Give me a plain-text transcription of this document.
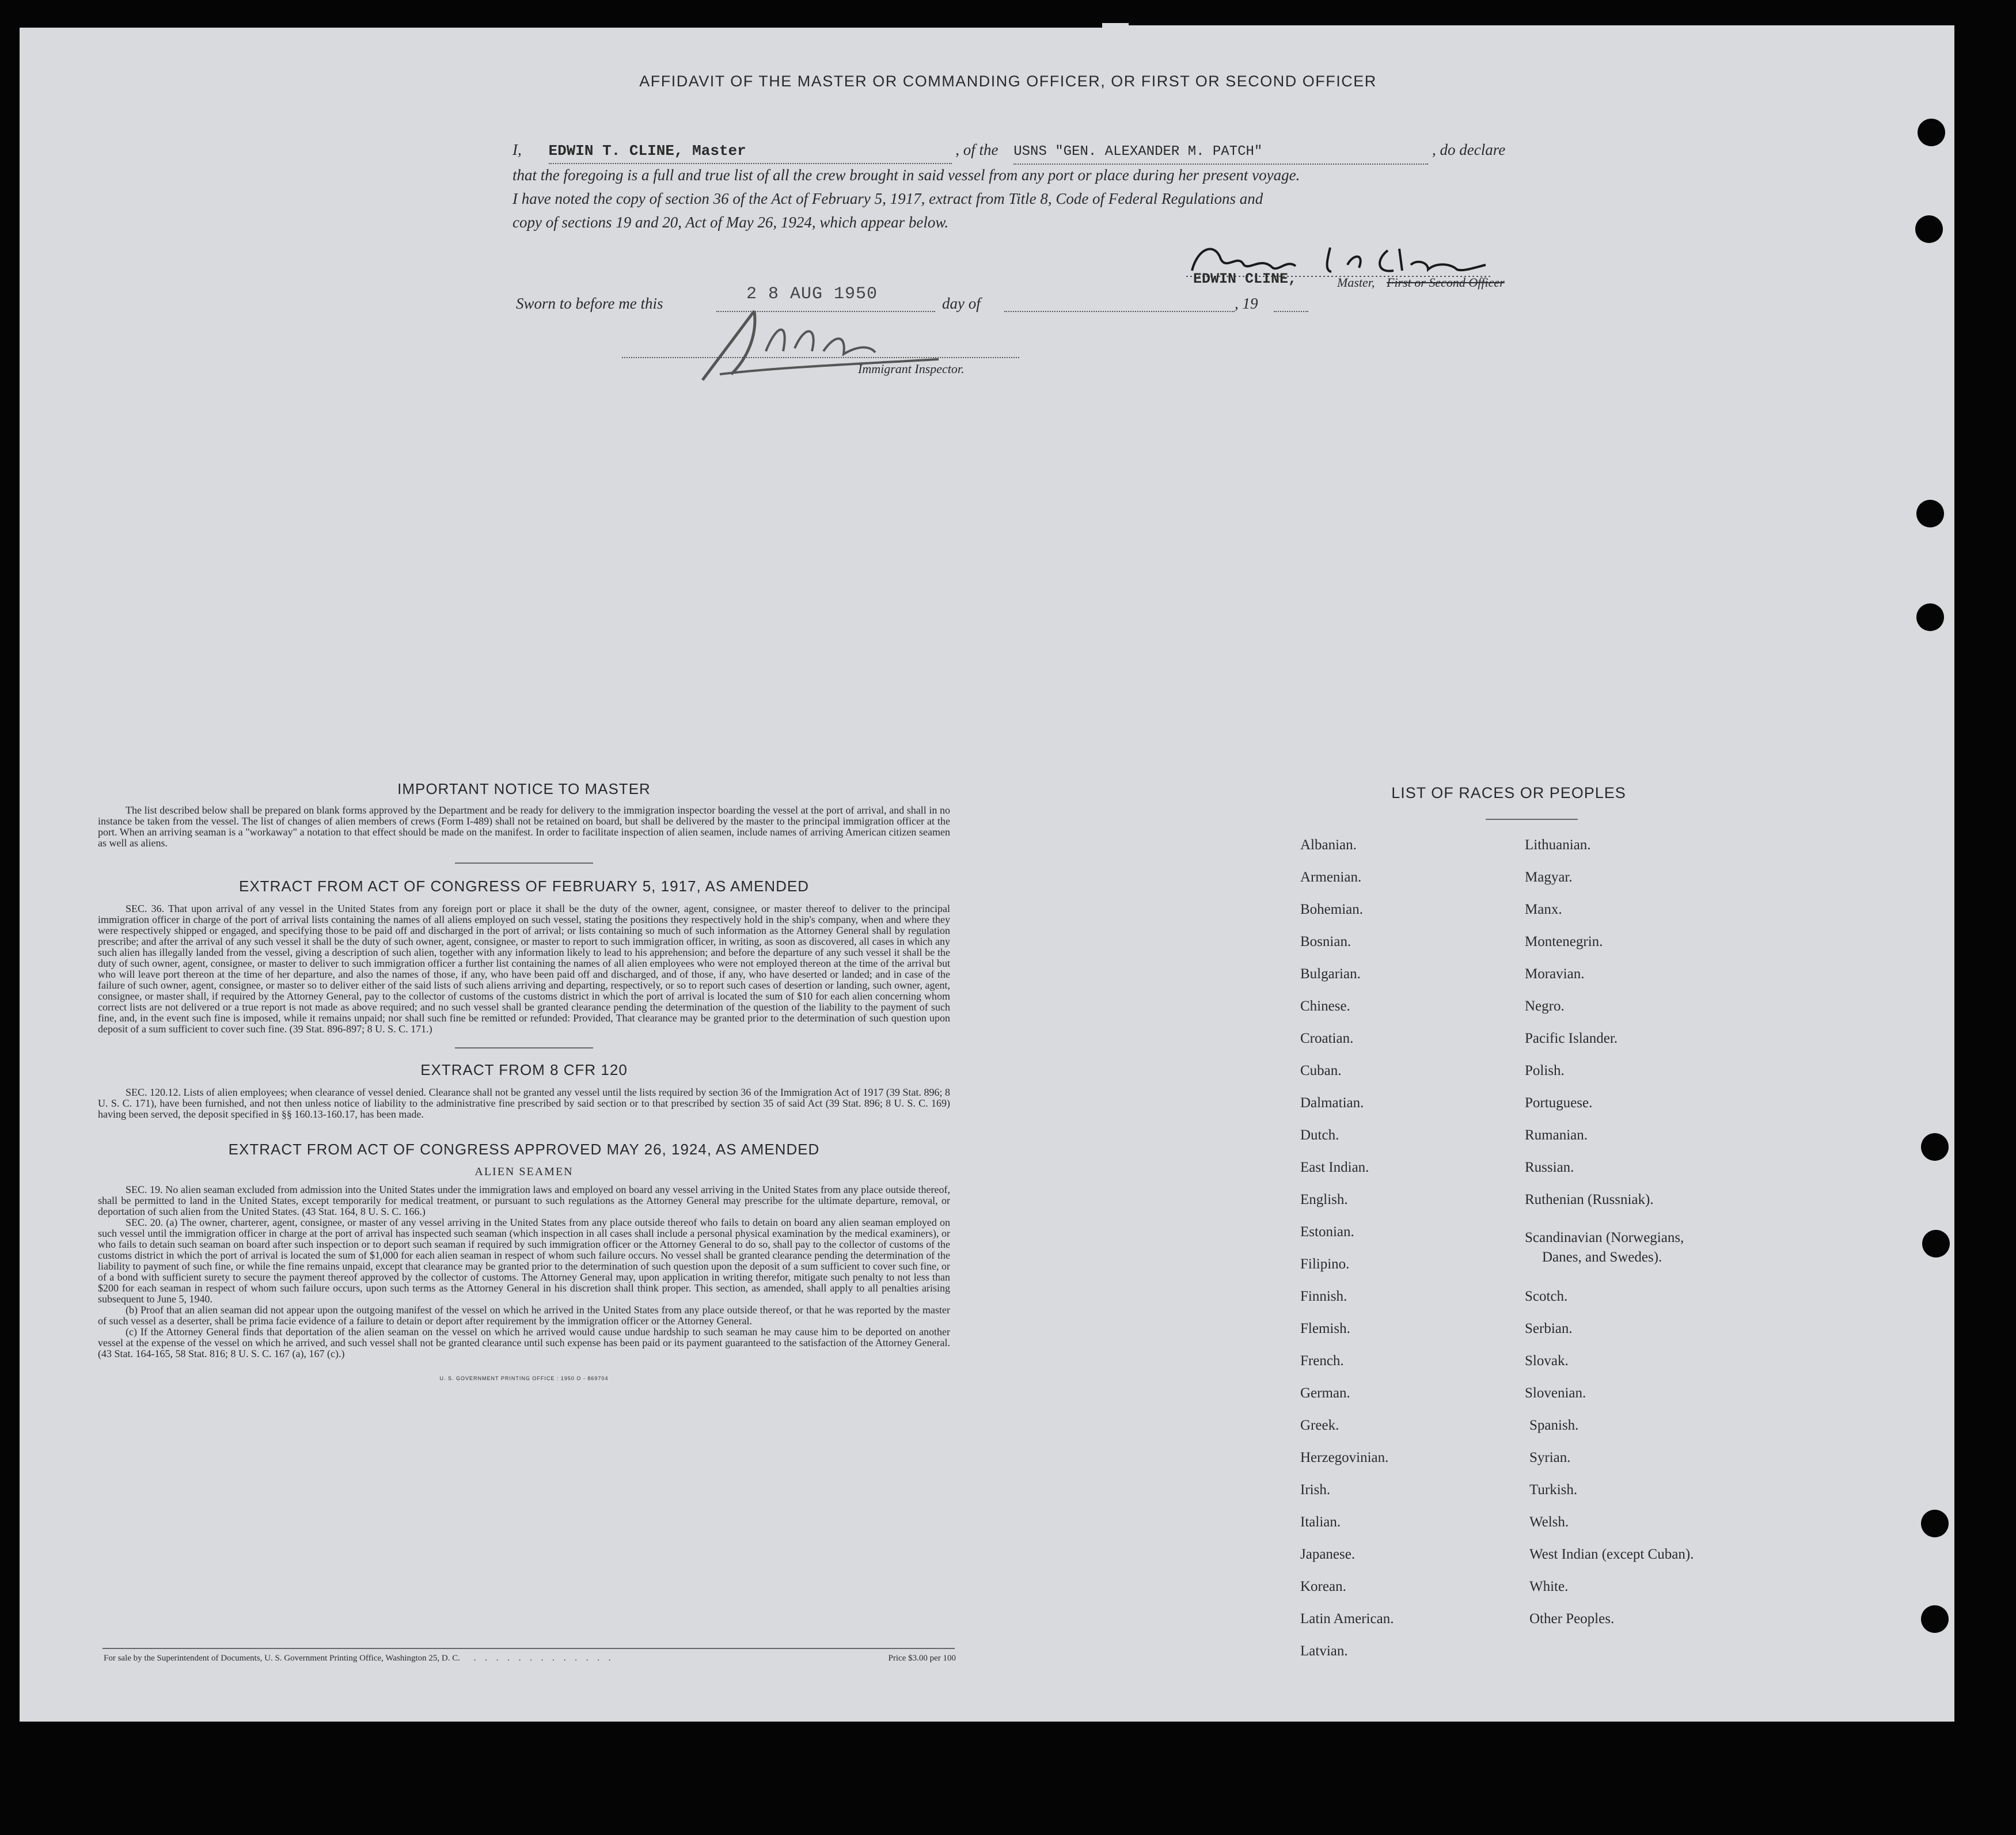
AFFIDAVIT OF THE MASTER OR COMMANDING OFFICER, OR FIRST OR SECOND OFFICER
I, EDWIN T. CLINE, Master	, of the USNS "GEN. ALEXANDER M. PATCH"	, do declare
that the foregoing is a full and true list of all the crew brought in said vessel from any port or place during her present voyage.
I have noted the copy of section 36 of the Act of February 5, 1917, extract from Title 8, Code of Federal Regulations and
copy of sections 19 and 20, Act of May 26, 1924, which appear below.
EDWIN CLINE,	Master, First or Second Officer
Sworn to before me this	2 8 AUG 1950	day of	, 19
Immigrant Inspector.
IMPORTANT NOTICE TO MASTER

The list described below shall be prepared on blank forms approved by the Department and be ready for delivery to the immigration inspector boarding the vessel at the port of arrival, and shall in no instance be taken from the vessel. The list of changes of alien members of crews (Form I-489) shall not be retained on board, but shall be delivered by the master to the principal immigration officer at the port. When an arriving seaman is a "workaway" a notation to that effect should be made on the manifest. In order to facilitate inspection of alien seamen, include names of arriving American citizen seamen as well as aliens.

EXTRACT FROM ACT OF CONGRESS OF FEBRUARY 5, 1917, AS AMENDED

SEC. 36. That upon arrival of any vessel in the United States from any foreign port or place it shall be the duty of the owner, agent, consignee, or master thereof to deliver to the principal immigration officer in charge of the port of arrival lists containing the names of all aliens employed on such vessel, stating the positions they respectively hold in the ship's company, when and where they were respectively shipped or engaged, and specifying those to be paid off and discharged in the port of arrival; or lists containing so much of such information as the Attorney General shall by regulation prescribe; and after the arrival of any such vessel it shall be the duty of such owner, agent, consignee, or master to report to such immigration officer, in writing, as soon as discovered, all cases in which any such alien has illegally landed from the vessel, giving a description of such alien, together with any information likely to lead to his apprehension; and before the departure of any such vessel it shall be the duty of such owner, agent, consignee, or master to deliver to such immigration officer a further list containing the names of all alien employees who were not employed thereon at the time of the arrival but who will leave port thereon at the time of her departure, and also the names of those, if any, who have been paid off and discharged, and of those, if any, who have deserted or landed; and in case of the failure of such owner, agent, consignee, or master so to deliver either of the said lists of such aliens arriving and departing, respectively, or so to report such cases of desertion or landing, such owner, agent, consignee, or master shall, if required by the Attorney General, pay to the collector of customs of the customs district in which the port of arrival is located the sum of $10 for each alien concerning whom correct lists are not delivered or a true report is not made as above required; and no such vessel shall be granted clearance pending the determination of the question of the liability to the payment of such fine, and, in the event such fine is imposed, while it remains unpaid; nor shall such fine be remitted or refunded: Provided, That clearance may be granted prior to the determination of such question upon deposit of a sum sufficient to cover such fine. (39 Stat. 896-897; 8 U. S. C. 171.)

EXTRACT FROM 8 CFR 120

SEC. 120.12. Lists of alien employees; when clearance of vessel denied. Clearance shall not be granted any vessel until the lists required by section 36 of the Immigration Act of 1917 (39 Stat. 896; 8 U. S. C. 171), have been furnished, and not then unless notice of liability to the administrative fine prescribed by said section or to that prescribed by section 35 of said Act (39 Stat. 896; 8 U. S. C. 169) having been served, the deposit specified in §§ 160.13-160.17, has been made.

EXTRACT FROM ACT OF CONGRESS APPROVED MAY 26, 1924, AS AMENDED
ALIEN SEAMEN

SEC. 19. No alien seaman excluded from admission into the United States under the immigration laws and employed on board any vessel arriving in the United States from any place outside thereof, shall be permitted to land in the United States, except temporarily for medical treatment, or pursuant to such regulations as the Attorney General may prescribe for the ultimate departure, removal, or deportation of such alien from the United States. (43 Stat. 164, 8 U. S. C. 166.)

SEC. 20. (a) The owner, charterer, agent, consignee, or master of any vessel arriving in the United States from any place outside thereof who fails to detain on board any alien seaman employed on such vessel until the immigration officer in charge at the port of arrival has inspected such seaman (which inspection in all cases shall include a personal physical examination by the medical examiners), or who fails to detain such seaman on board after such inspection or to deport such seaman if required by such immigration officer or the Attorney General to do so, shall pay to the collector of customs of the customs district in which the port of arrival is located the sum of $1,000 for each alien seaman in respect of whom such failure occurs. No vessel shall be granted clearance pending the determination of the liability to payment of such fine, or while the fine remains unpaid, except that clearance may be granted prior to the determination of such question upon the deposit of a sum sufficient to cover such fine, or of a bond with sufficient surety to secure the payment thereof approved by the collector of customs. The Attorney General may, upon application in writing therefor, mitigate such penalty to not less than $200 for each seaman in respect of whom such failure occurs, upon such terms as the Attorney General in his discretion shall think proper. This section, as amended, shall apply to all penalties arising subsequent to June 5, 1940.

(b) Proof that an alien seaman did not appear upon the outgoing manifest of the vessel on which he arrived in the United States from any place outside thereof, or that he was reported by the master of such vessel as a deserter, shall be prima facie evidence of a failure to detain or deport after requirement by the immigration officer or the Attorney General.

(c) If the Attorney General finds that deportation of the alien seaman on the vessel on which he arrived would cause undue hardship to such seaman he may cause him to be deported on another vessel at the expense of the vessel on which he arrived, and such vessel shall not be granted clearance until such expense has been paid or its payment guaranteed to the satisfaction of the Attorney General. (43 Stat. 164-165, 58 Stat. 816; 8 U. S. C. 167 (a), 167 (c).)

U. S. GOVERNMENT PRINTING OFFICE : 1950 O - 869704
For sale by the Superintendent of Documents, U. S. Government Printing Office, Washington 25, D. C. . . . . . . . . . . . . .	Price $3.00 per 100
LIST OF RACES OR PEOPLES
Albanian.
Armenian.
Bohemian.
Bosnian.
Bulgarian.
Chinese.
Croatian.
Cuban.
Dalmatian.
Dutch.
East Indian.
English.
Estonian.
Filipino.
Finnish.
Flemish.
French.
German.
Greek.
Herzegovinian.
Irish.
Italian.
Japanese.
Korean.
Latin American.
Latvian.
Lithuanian.
Magyar.
Manx.
Montenegrin.
Moravian.
Negro.
Pacific Islander.
Polish.
Portuguese.
Rumanian.
Russian.
Ruthenian (Russniak).
Scandinavian (Norwegians,
Danes, and Swedes).
Scotch.
Serbian.
Slovak.
Slovenian.
Spanish.
Syrian.
Turkish.
Welsh.
West Indian (except Cuban).
White.
Other Peoples.
